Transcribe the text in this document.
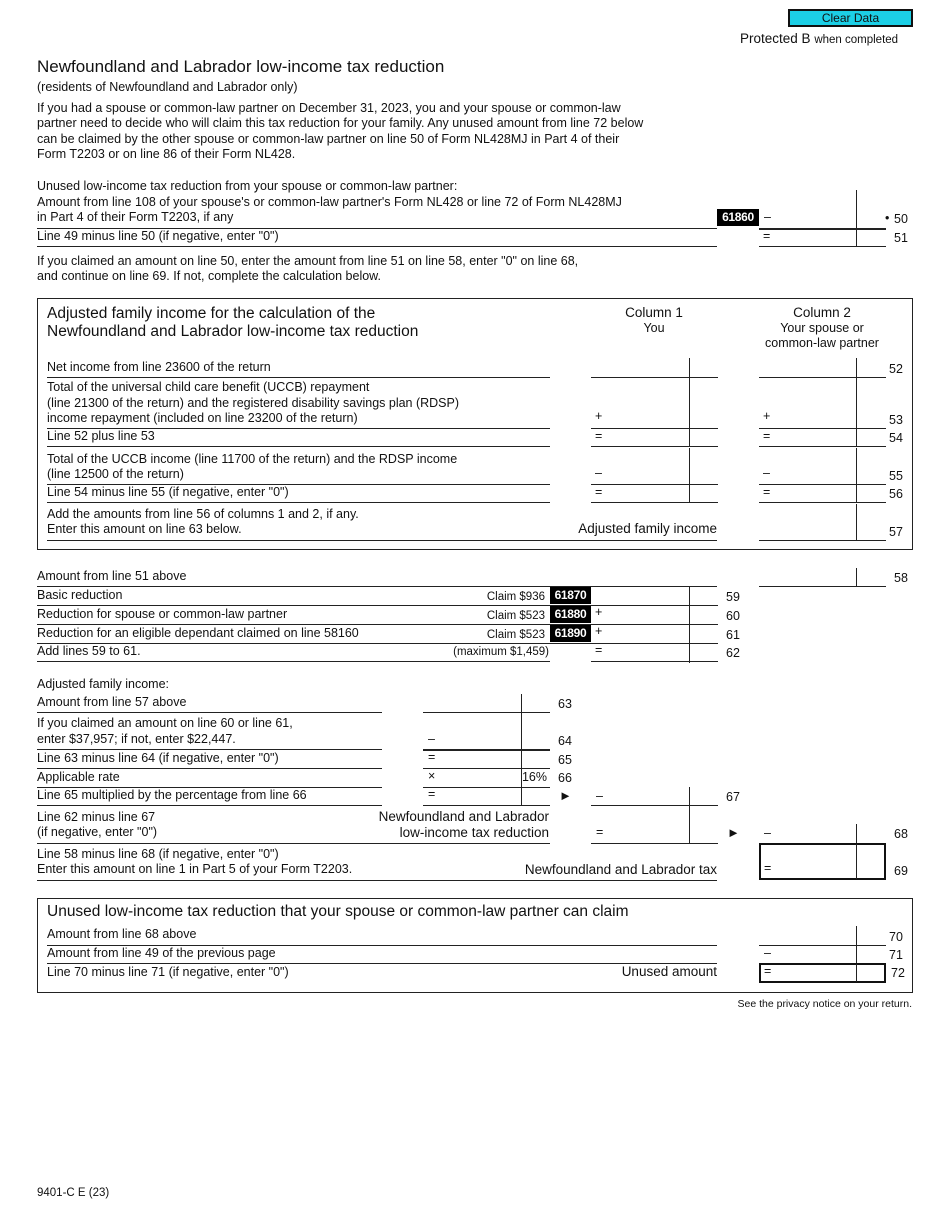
Clear Data
Protected B when completed
Newfoundland and Labrador low-income tax reduction
(residents of Newfoundland and Labrador only)
If you had a spouse or common-law partner on December 31, 2023, you and your spouse or common-law
partner need to decide who will claim this tax reduction for your family. Any unused amount from line 72 below
can be claimed by the other spouse or common-law partner on line 50 of Form NL428MJ in Part 4 of their
Form T2203 or on line 86 of their Form NL428.
Unused low-income tax reduction from your spouse or common-law partner:
Amount from line 108 of your spouse's or common-law partner's Form NL428 or line 72 of Form NL428MJ
in Part 4 of their Form T2203, if any	61860 –	• 50
Line 49 minus line 50 (if negative, enter "0")	=	51
If you claimed an amount on line 50, enter the amount from line 51 on line 58, enter "0" on line 68,
and continue on line 69. If not, complete the calculation below.
Adjusted family income for the calculation of the
Newfoundland and Labrador low-income tax reduction
Column 1
You
Column 2
Your spouse or
common-law partner
Net income from line 23600 of the return	52
Total of the universal child care benefit (UCCB) repayment
(line 21300 of the return) and the registered disability savings plan (RDSP)
income repayment (included on line 23200 of the return)	+	+	53
Line 52 plus line 53	=	=	54
Total of the UCCB income (line 11700 of the return) and the RDSP income
(line 12500 of the return)	–	–	55
Line 54 minus line 55 (if negative, enter "0")	=	=	56
Add the amounts from line 56 of columns 1 and 2, if any.
Enter this amount on line 63 below.	Adjusted family income	57
Amount from line 51 above	58
Basic reduction	Claim $936 61870	59
Reduction for spouse or common-law partner	Claim $523 61880 +	60
Reduction for an eligible dependant claimed on line 58160	Claim $523 61890 +	61
Add lines 59 to 61.	(maximum $1,459)	=	62
Adjusted family income:
Amount from line 57 above	63
If you claimed an amount on line 60 or line 61,
enter $37,957; if not, enter $22,447.	–	64
Line 63 minus line 64 (if negative, enter "0")	=	65
Applicable rate	×	16% 66
Line 65 multiplied by the percentage from line 66	=	► –	67
Line 62 minus line 67
(if negative, enter "0")
Newfoundland and Labrador
low-income tax reduction	=	► –	68
Line 58 minus line 68 (if negative, enter "0")
Enter this amount on line 1 in Part 5 of your Form T2203.	Newfoundland and Labrador tax	=	69
Unused low-income tax reduction that your spouse or common-law partner can claim
Amount from line 68 above	70
Amount from line 49 of the previous page	–	71
Line 70 minus line 71 (if negative, enter "0")	Unused amount	=	72
See the privacy notice on your return.
9401-C E (23)
